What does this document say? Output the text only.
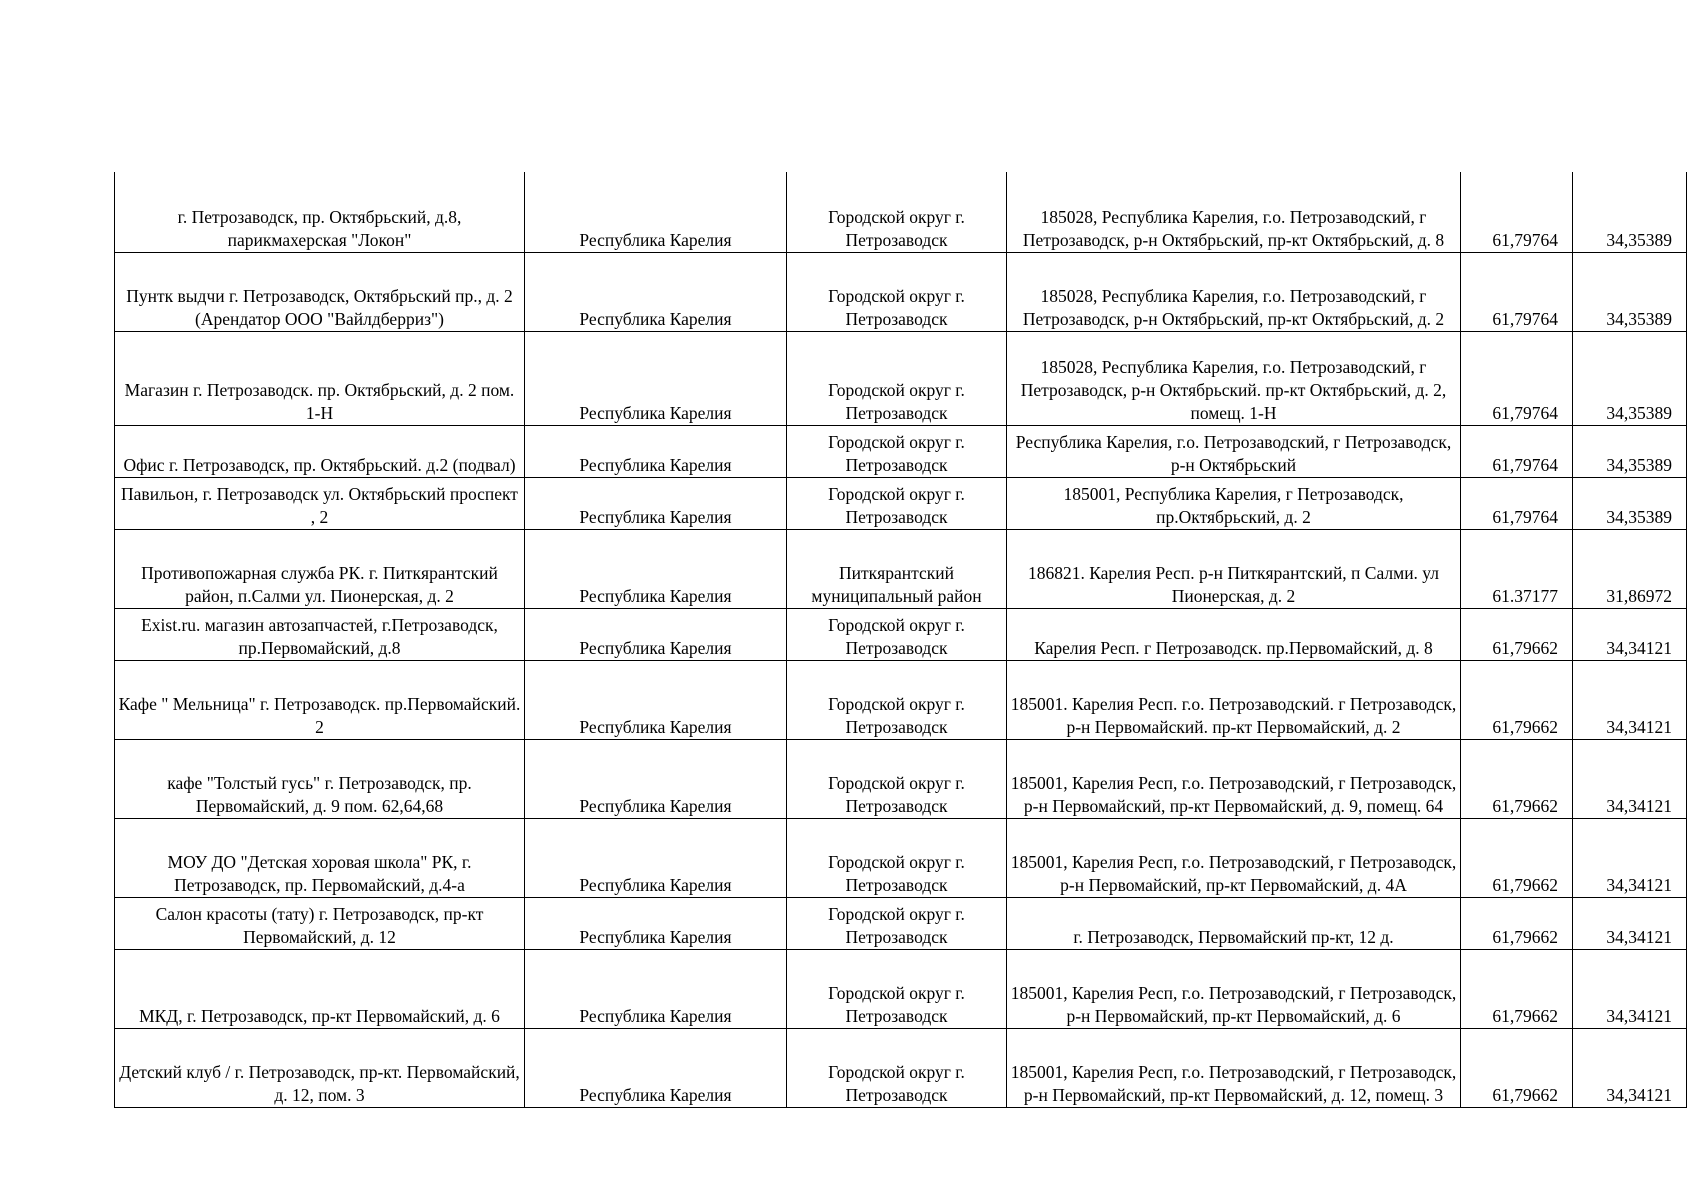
г. Петрозаводск, пр. Октябрьский, д.8, парикмахерская "Локон"	Республика Карелия	Городской округ г. Петрозаводск	185028, Республика Карелия, г.о. Петрозаводский, г Петрозаводск, р-н Октябрьский, пр-кт Октябрьский, д. 8	61,79764	34,35389
Пунтк выдчи г. Петрозаводск, Октябрьский пр., д. 2 (Арендатор ООО "Вайлдберриз")	Республика Карелия	Городской округ г. Петрозаводск	185028, Республика Карелия, г.о. Петрозаводский, г Петрозаводск, р-н Октябрьский, пр-кт Октябрьский, д. 2	61,79764	34,35389
Магазин г. Петрозаводск. пр. Октябрьский, д. 2 пом. 1-Н	Республика Карелия	Городской округ г. Петрозаводск	185028, Республика Карелия, г.о. Петрозаводский, г Петрозаводск, р-н Октябрьский. пр-кт Октябрьский, д. 2, помещ. 1-Н	61,79764	34,35389
Офис г. Петрозаводск, пр. Октябрьский. д.2 (подвал)	Республика Карелия	Городской округ г. Петрозаводск	Республика Карелия, г.о. Петрозаводский, г Петрозаводск, р-н Октябрьский	61,79764	34,35389
Павильон, г. Петрозаводск ул. Октябрьский проспект , 2	Республика Карелия	Городской округ г. Петрозаводск	185001, Республика Карелия, г Петрозаводск, пр.Октябрьский, д. 2	61,79764	34,35389
Противопожарная служба РК. г. Питкярантский район, п.Салми ул. Пионерская, д. 2	Республика Карелия	Питкярантский муниципальный район	186821. Карелия Респ. р-н Питкярантский, п Салми. ул Пионерская, д. 2	61.37177	31,86972
Exist.ru. магазин автозапчастей, г.Петрозаводск, пр.Первомайский, д.8	Республика Карелия	Городской округ г. Петрозаводск	Карелия Респ. г Петрозаводск. пр.Первомайский, д. 8	61,79662	34,34121
Кафе " Мельница" г. Петрозаводск. пр.Первомайский. 2	Республика Карелия	Городской округ г. Петрозаводск	185001. Карелия Респ. г.о. Петрозаводский. г Петрозаводск, р-н Первомайский. пр-кт Первомайский, д. 2	61,79662	34,34121
кафе "Толстый гусь" г. Петрозаводск, пр. Первомайский, д. 9 пом. 62,64,68	Республика Карелия	Городской округ г. Петрозаводск	185001, Карелия Респ, г.о. Петрозаводский, г Петрозаводск, р-н Первомайский, пр-кт Первомайский, д. 9, помещ. 64	61,79662	34,34121
МОУ ДО "Детская хоровая школа" РК, г. Петрозаводск, пр. Первомайский, д.4-а	Республика Карелия	Городской округ г. Петрозаводск	185001, Карелия Респ, г.о. Петрозаводский, г Петрозаводск, р-н Первомайский, пр-кт Первомайский, д. 4А	61,79662	34,34121
Салон красоты (тату) г. Петрозаводск, пр-кт Первомайский, д. 12	Республика Карелия	Городской округ г. Петрозаводск	г. Петрозаводск, Первомайский пр-кт, 12 д.	61,79662	34,34121
МКД, г. Петрозаводск, пр-кт Первомайский, д. 6	Республика Карелия	Городской округ г. Петрозаводск	185001, Карелия Респ, г.о. Петрозаводский, г Петрозаводск, р-н Первомайский, пр-кт Первомайский, д. 6	61,79662	34,34121
Детский клуб / г. Петрозаводск, пр-кт. Первомайский, д. 12, пом. 3	Республика Карелия	Городской округ г. Петрозаводск	185001, Карелия Респ, г.о. Петрозаводский, г Петрозаводск, р-н Первомайский, пр-кт Первомайский, д. 12, помещ. 3	61,79662	34,34121
